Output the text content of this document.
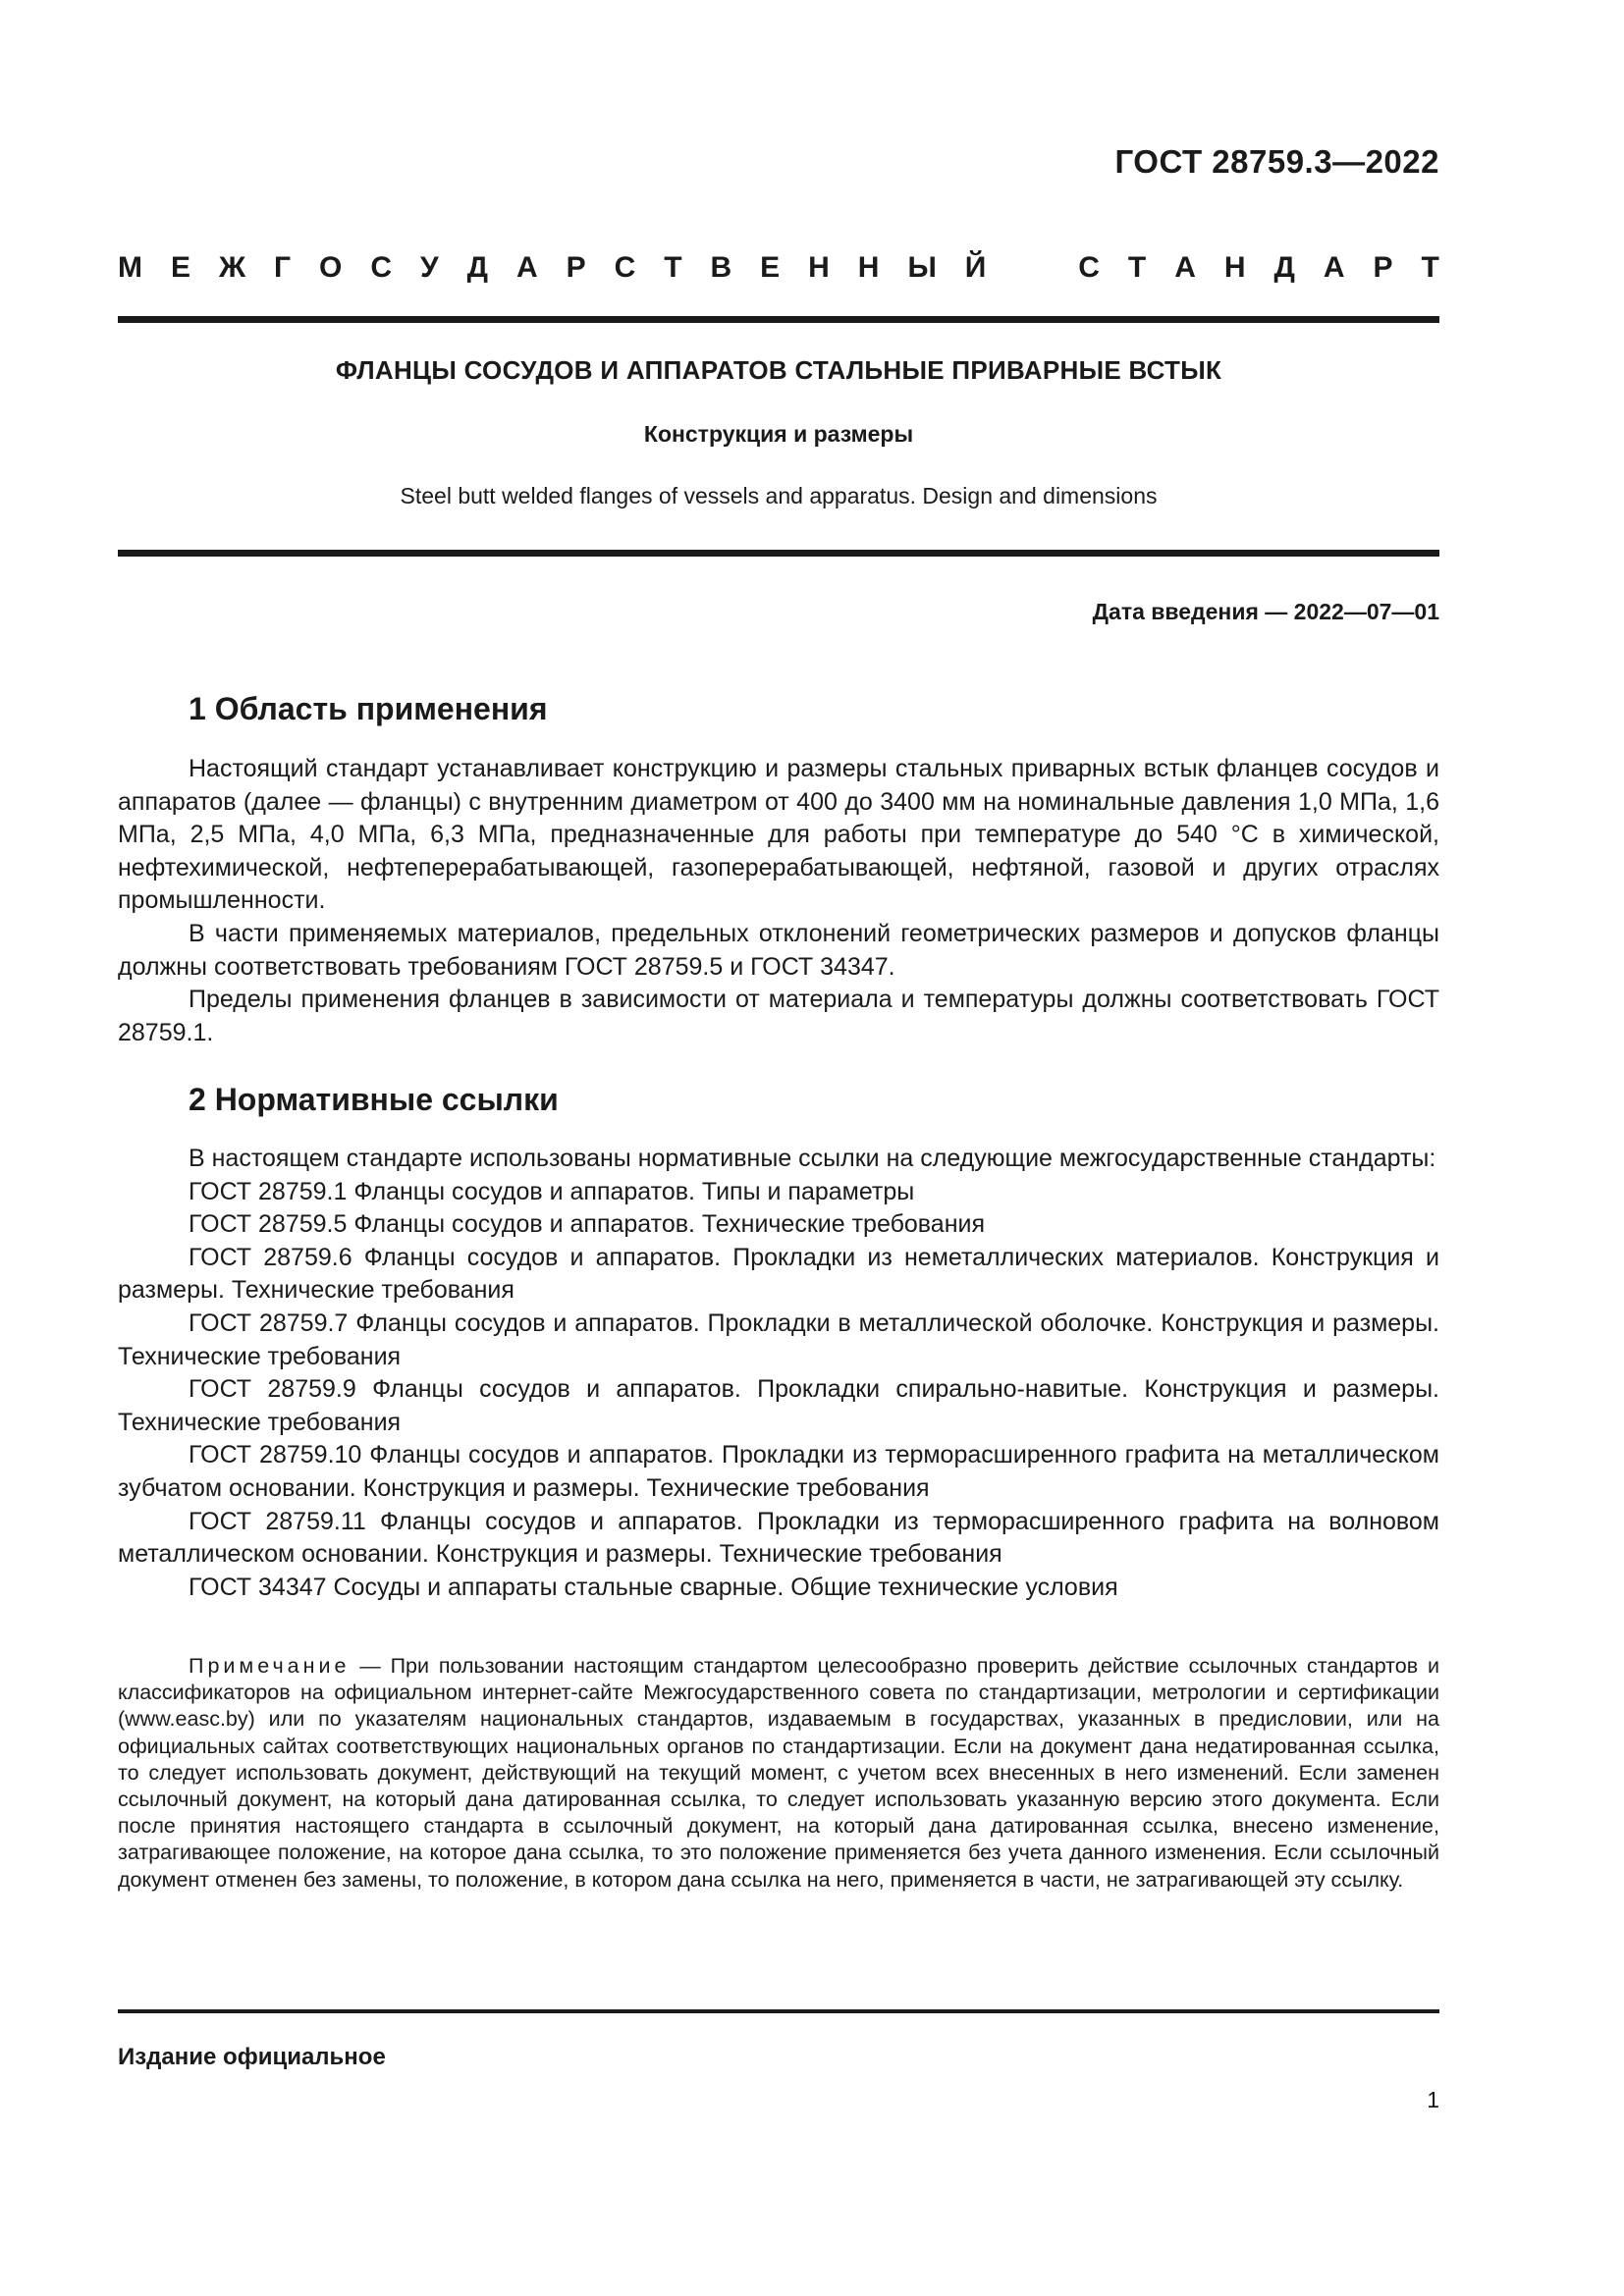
ГОСТ 28759.3—2022
М Е Ж Г О С У Д А Р С Т В Е Н Н Ы Й	С Т А Н Д А Р Т
ФЛАНЦЫ СОСУДОВ И АППАРАТОВ СТАЛЬНЫЕ ПРИВАРНЫЕ ВСТЫК
Конструкция и размеры
Steel butt welded flanges of vessels and apparatus. Design and dimensions
Дата введения — 2022—07—01
1 Область применения

Настоящий стандарт устанавливает конструкцию и размеры стальных приварных встык фланцев сосудов и аппаратов (далее — фланцы) с внутренним диаметром от 400 до 3400 мм на номинальные давления 1,0 МПа, 1,6 МПа, 2,5 МПа, 4,0 МПа, 6,3 МПа, предназначенные для работы при температуре до 540 °С в химической, нефтехимической, нефтеперерабатывающей, газоперерабатывающей, нефтяной, газовой и других отраслях промышленности.

В части применяемых материалов, предельных отклонений геометрических размеров и допусков фланцы должны соответствовать требованиям ГОСТ 28759.5 и ГОСТ 34347.

Пределы применения фланцев в зависимости от материала и температуры должны соответствовать ГОСТ 28759.1.

2 Нормативные ссылки

В настоящем стандарте использованы нормативные ссылки на следующие межгосударственные стандарты:

ГОСТ 28759.1 Фланцы сосудов и аппаратов. Типы и параметры

ГОСТ 28759.5 Фланцы сосудов и аппаратов. Технические требования

ГОСТ 28759.6 Фланцы сосудов и аппаратов. Прокладки из неметаллических материалов. Конструкция и размеры. Технические требования

ГОСТ 28759.7 Фланцы сосудов и аппаратов. Прокладки в металлической оболочке. Конструкция и размеры. Технические требования

ГОСТ 28759.9 Фланцы сосудов и аппаратов. Прокладки спирально-навитые. Конструкция и размеры. Технические требования

ГОСТ 28759.10 Фланцы сосудов и аппаратов. Прокладки из терморасширенного графита на металлическом зубчатом основании. Конструкция и размеры. Технические требования

ГОСТ 28759.11 Фланцы сосудов и аппаратов. Прокладки из терморасширенного графита на волновом металлическом основании. Конструкция и размеры. Технические требования

ГОСТ 34347 Сосуды и аппараты стальные сварные. Общие технические условия

Примечание — При пользовании настоящим стандартом целесообразно проверить действие ссылочных стандартов и классификаторов на официальном интернет-сайте Межгосударственного совета по стандартизации, метрологии и сертификации (www.easc.by) или по указателям национальных стандартов, издаваемым в государствах, указанных в предисловии, или на официальных сайтах соответствующих национальных органов по стандартизации. Если на документ дана недатированная ссылка, то следует использовать документ, действующий на текущий момент, с учетом всех внесенных в него изменений. Если заменен ссылочный документ, на который дана датированная ссылка, то следует использовать указанную версию этого документа. Если после принятия настоящего стандарта в ссылочный документ, на который дана датированная ссылка, внесено изменение, затрагивающее положение, на которое дана ссылка, то это положение применяется без учета данного изменения. Если ссылочный документ отменен без замены, то положение, в котором дана ссылка на него, применяется в части, не затрагивающей эту ссылку.

Издание официальное
1
